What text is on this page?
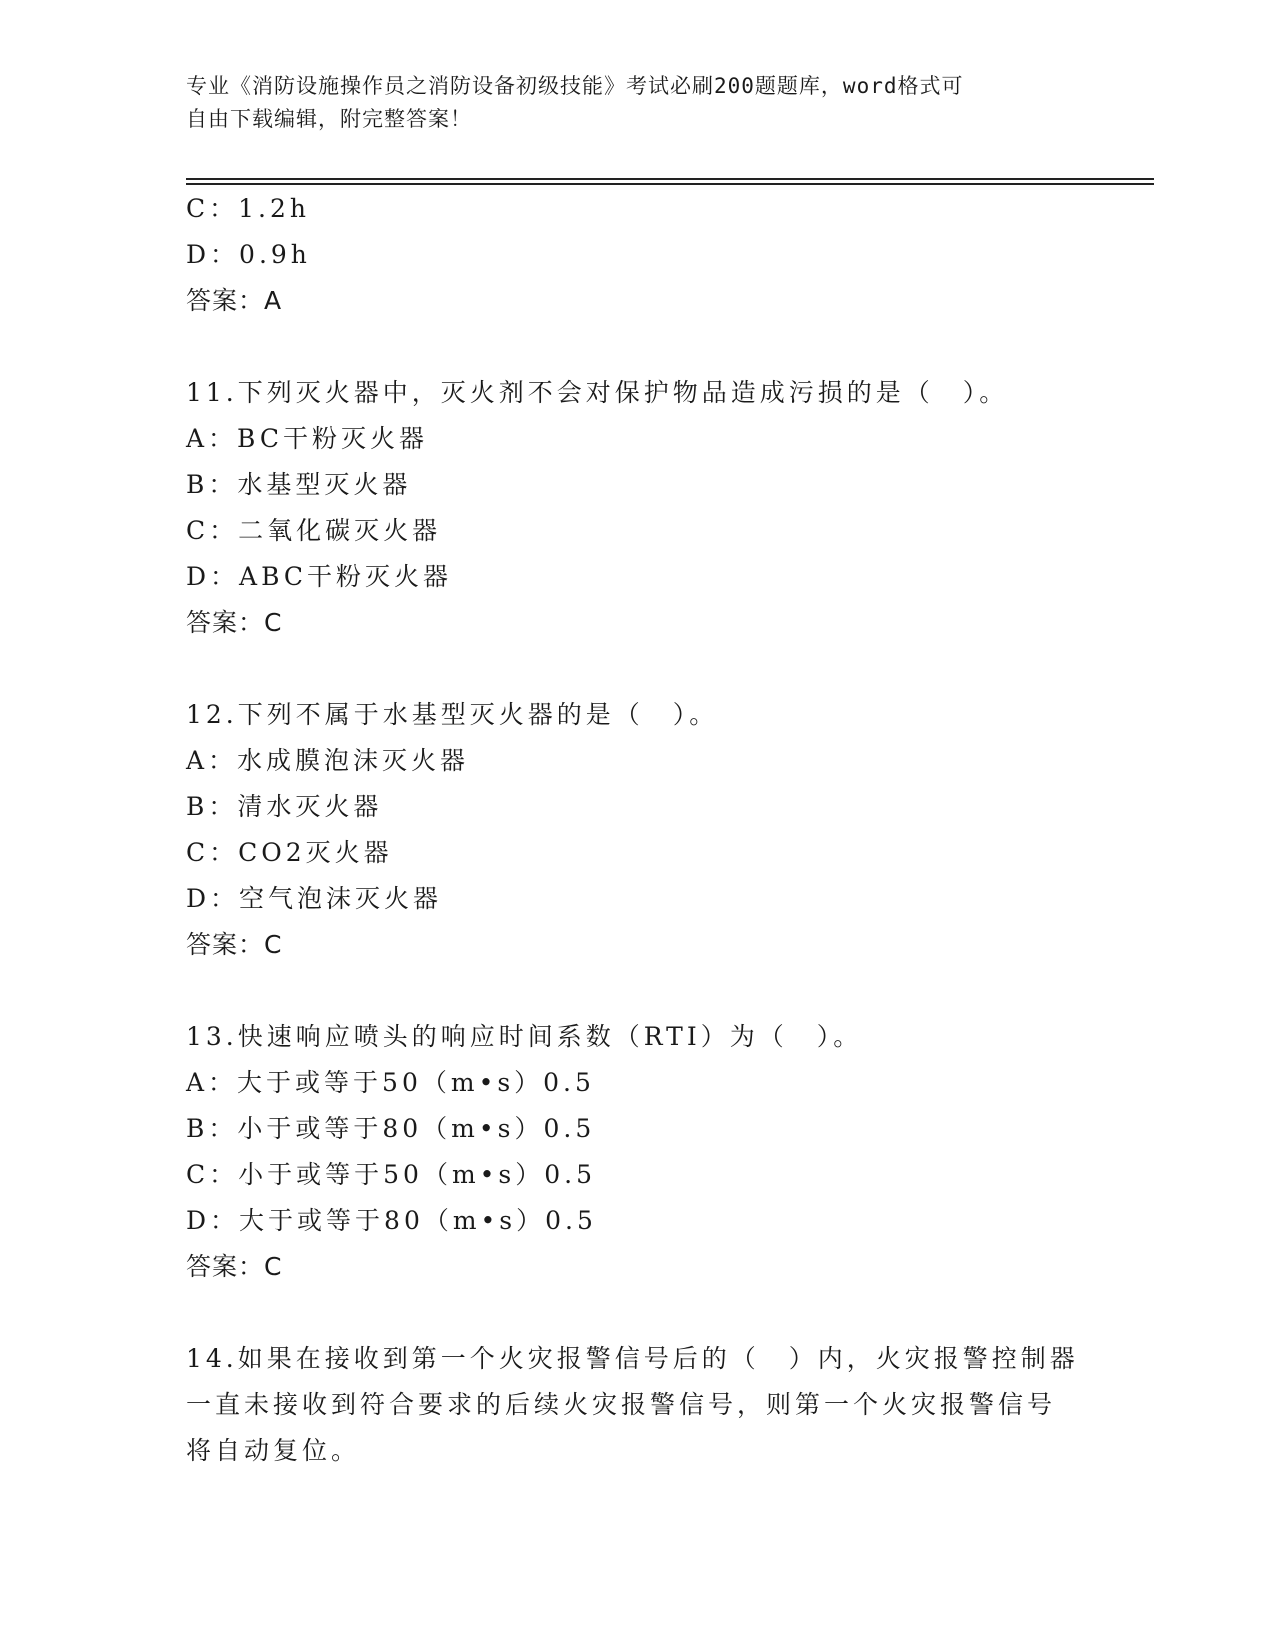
专业《消防设施操作员之消防设备初级技能》考试必刷200题题库，word格式可
自由下载编辑，附完整答案！
C：1.2h
D：0.9h
答案：A
11.下列灭火器中，灭火剂不会对保护物品造成污损的是（　）。
A：BC干粉灭火器
B：水基型灭火器
C：二氧化碳灭火器
D：ABC干粉灭火器
答案：C
12.下列不属于水基型灭火器的是（　）。
A：水成膜泡沫灭火器
B：清水灭火器
C：CO2灭火器
D：空气泡沫灭火器
答案：C
13.快速响应喷头的响应时间系数（RTI）为（　）。
A：大于或等于50（m•s）0.5
B：小于或等于80（m•s）0.5
C：小于或等于50（m•s）0.5
D：大于或等于80（m•s）0.5
答案：C
14.如果在接收到第一个火灾报警信号后的（　）内，火灾报警控制器
一直未接收到符合要求的后续火灾报警信号，则第一个火灾报警信号
将自动复位。
